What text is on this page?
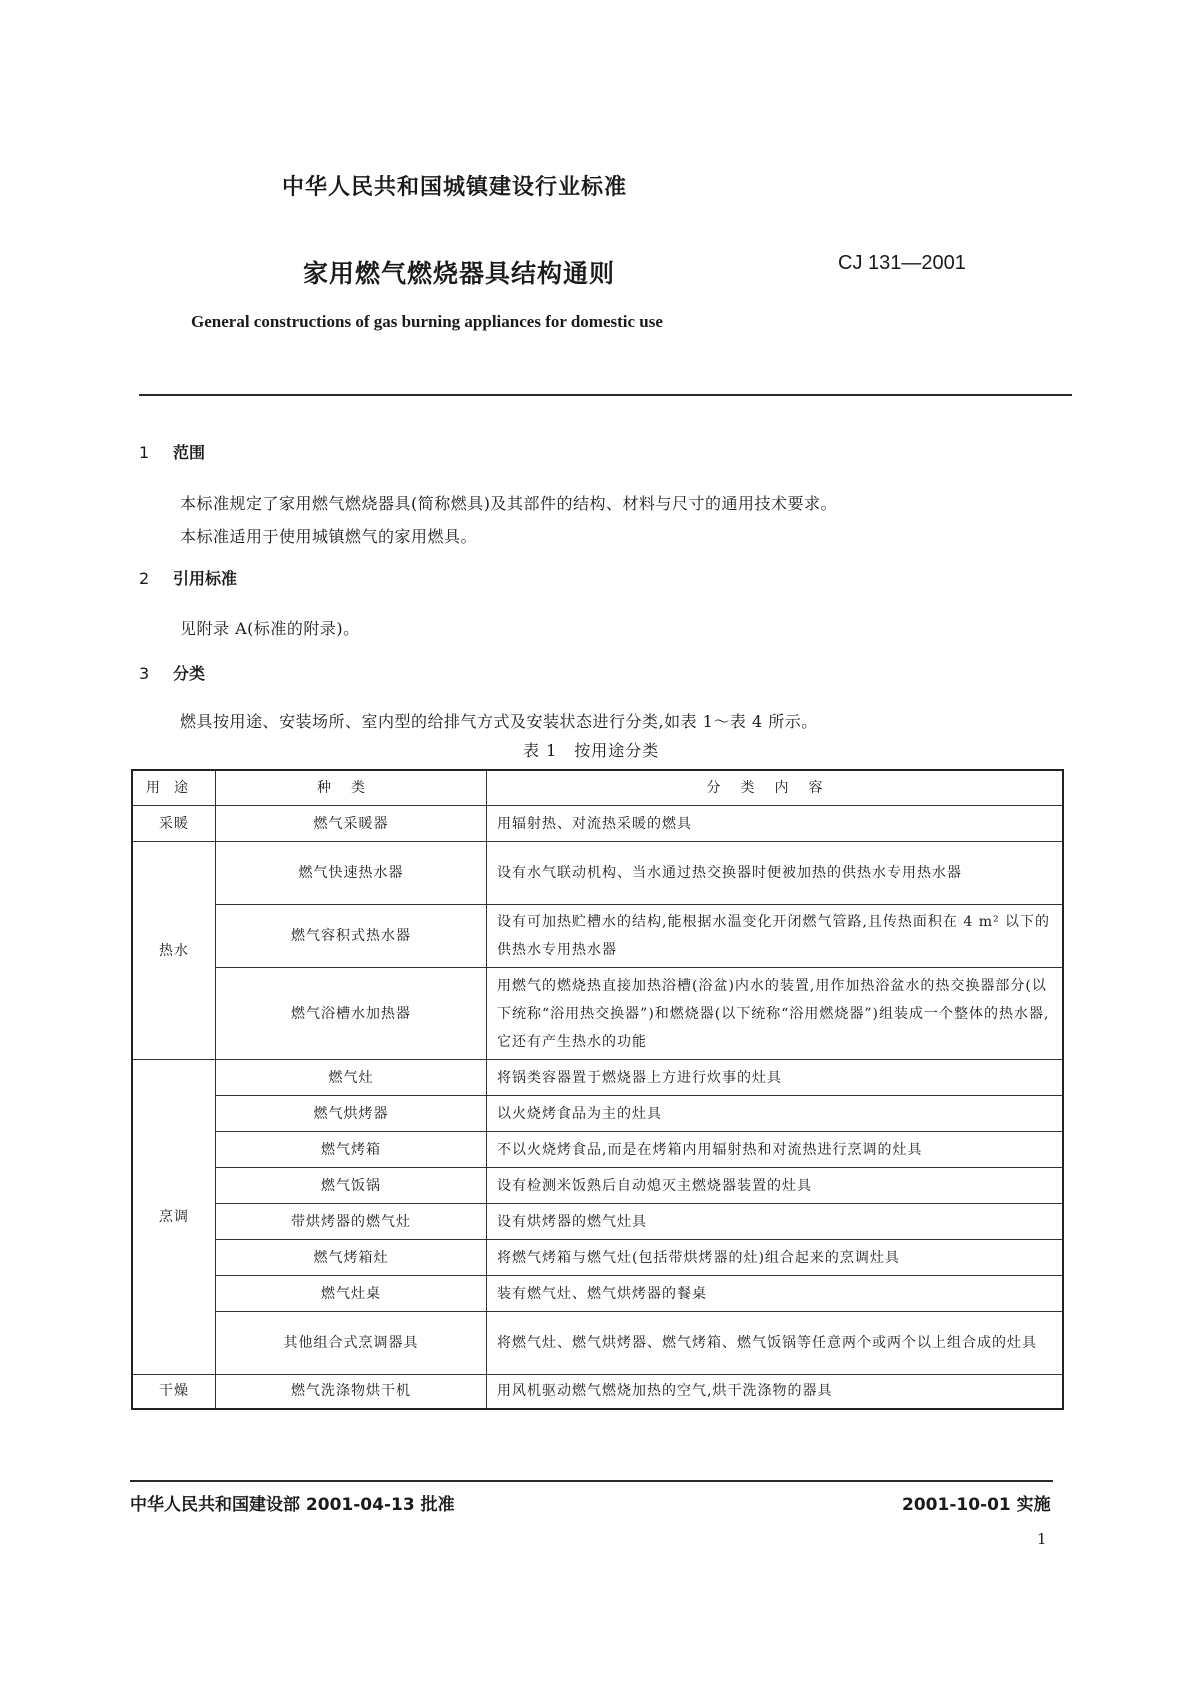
中华人民共和国城镇建设行业标准
家用燃气燃烧器具结构通则	CJ 131—2001
General constructions of gas burning appliances for domestic use
1 范围
本标准规定了家用燃气燃烧器具(简称燃具)及其部件的结构、材料与尺寸的通用技术要求。
本标准适用于使用城镇燃气的家用燃具。
2 引用标准
见附录 A(标准的附录)。
3 分类
燃具按用途、安装场所、室内型的给排气方式及安装状态进行分类,如表 1～表 4 所示。
表 1　按用途分类
用途	种类	分类内容
采暖	燃气采暖器	用辐射热、对流热采暖的燃具
热水	燃气快速热水器	设有水气联动机构、当水通过热交换器时便被加热的供热水专用热水器
	燃气容积式热水器	设有可加热贮槽水的结构,能根据水温变化开闭燃气管路,且传热面积在 4 m² 以下的供热水专用热水器
	燃气浴槽水加热器	用燃气的燃烧热直接加热浴槽(浴盆)内水的装置,用作加热浴盆水的热交换器部分(以下统称“浴用热交换器”)和燃烧器(以下统称“浴用燃烧器”)组装成一个整体的热水器,它还有产生热水的功能
烹调	燃气灶	将锅类容器置于燃烧器上方进行炊事的灶具
	燃气烘烤器	以火烧烤食品为主的灶具
	燃气烤箱	不以火烧烤食品,而是在烤箱内用辐射热和对流热进行烹调的灶具
	燃气饭锅	设有检测米饭熟后自动熄灭主燃烧器装置的灶具
	带烘烤器的燃气灶	设有烘烤器的燃气灶具
	燃气烤箱灶	将燃气烤箱与燃气灶(包括带烘烤器的灶)组合起来的烹调灶具
	燃气灶桌	装有燃气灶、燃气烘烤器的餐桌
	其他组合式烹调器具	将燃气灶、燃气烘烤器、燃气烤箱、燃气饭锅等任意两个或两个以上组合成的灶具
干燥	燃气洗涤物烘干机	用风机驱动燃气燃烧加热的空气,烘干洗涤物的器具
中华人民共和国建设部 2001-04-13 批准	2001-10-01 实施
1
